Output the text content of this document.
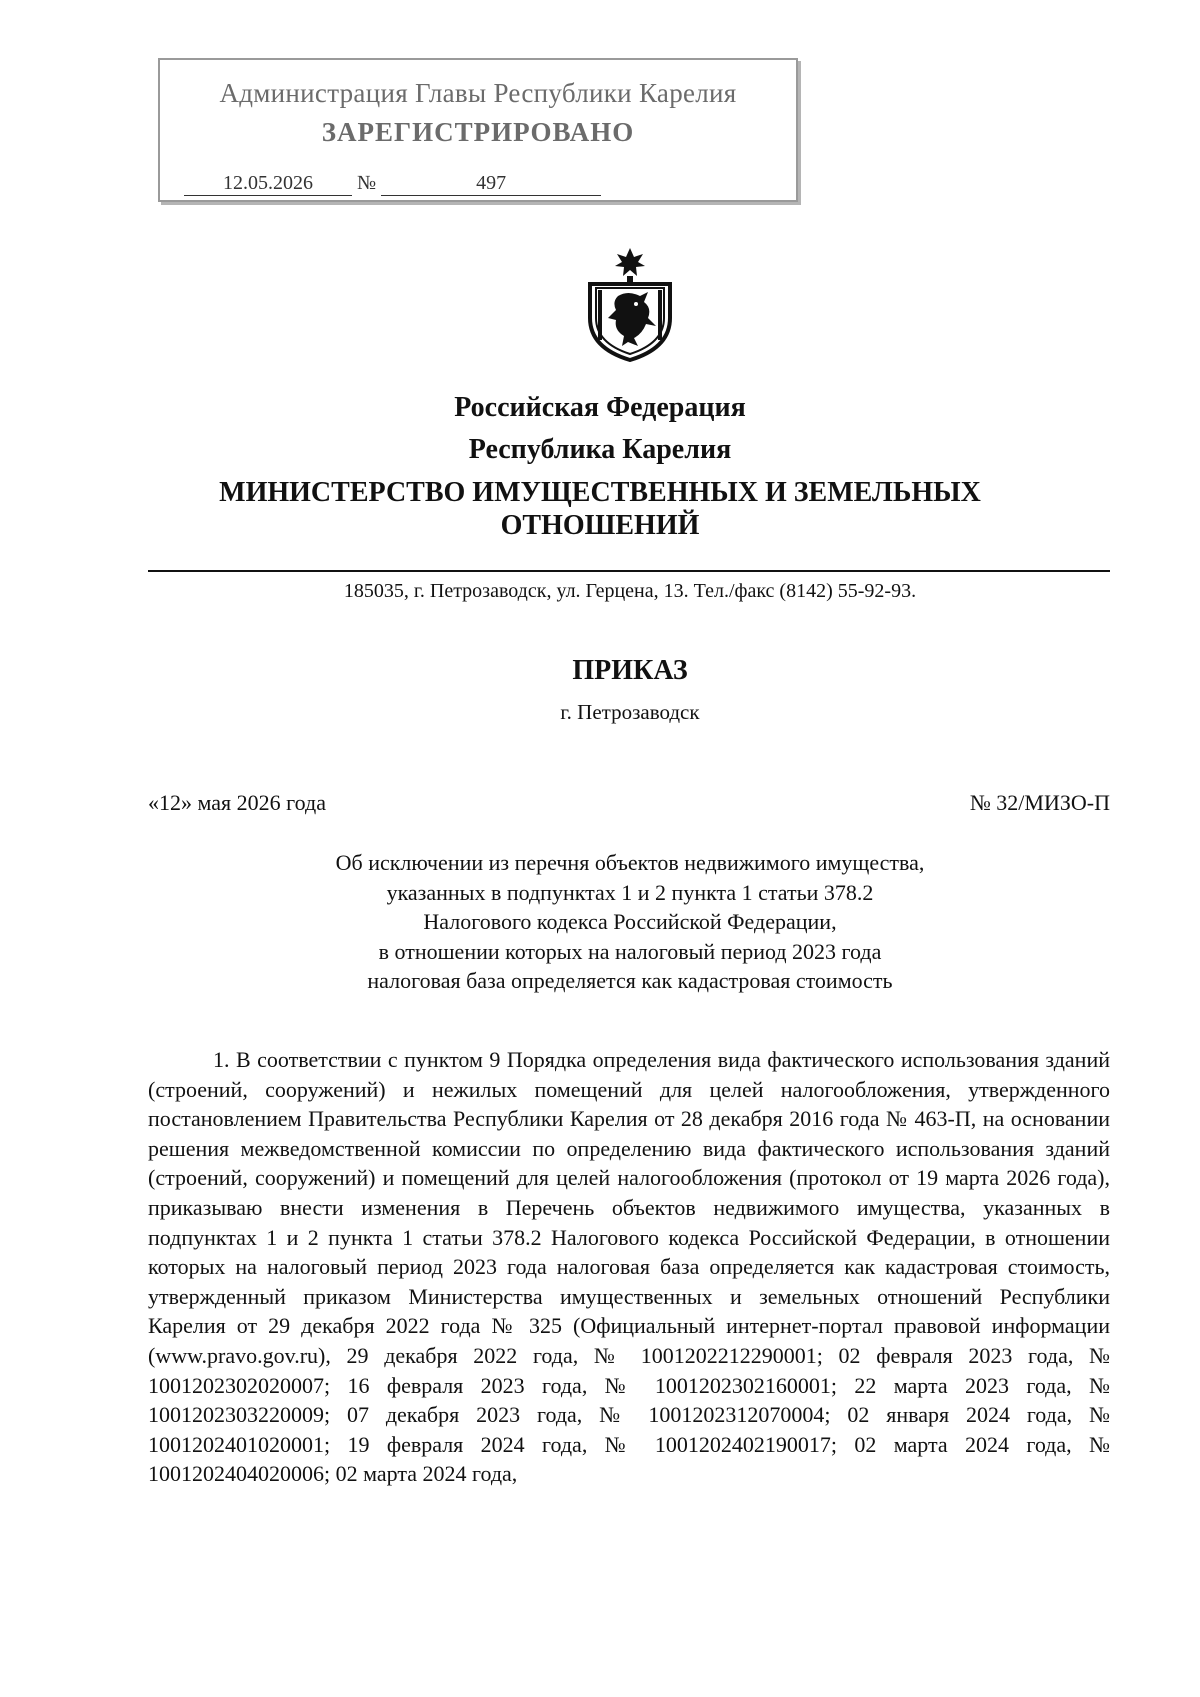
Администрация Главы Республики Карелия
ЗАРЕГИСТРИРОВАНО
12.05.2026 №	497
Российская Федерация
Республика Карелия
МИНИСТЕРСТВО ИМУЩЕСТВЕННЫХ И ЗЕМЕЛЬНЫХ
ОТНОШЕНИЙ
185035, г. Петрозаводск, ул. Герцена, 13. Тел./факс (8142) 55-92-93.
ПРИКАЗ
г. Петрозаводск
«12» мая 2026 года	№ 32/МИЗО-П
Об исключении из перечня объектов недвижимого имущества,
указанных в подпунктах 1 и 2 пункта 1 статьи 378.2
Налогового кодекса Российской Федерации,
в отношении которых на налоговый период 2023 года
налоговая база определяется как кадастровая стоимость

1. В соответствии с пунктом 9 Порядка определения вида фактического использования зданий (строений, сооружений) и нежилых помещений для целей налогообложения, утвержденного постановлением Правительства Республики Карелия от 28 декабря 2016 года № 463-П, на основании решения межведомственной комиссии по определению вида фактического использования зданий (строений, сооружений) и помещений для целей налогообложения (протокол от 19 марта 2026 года), приказываю внести изменения в Перечень объектов недвижимого имущества, указанных в подпунктах 1 и 2 пункта 1 статьи 378.2 Налогового кодекса Российской Федерации, в отношении которых на налоговый период 2023 года налоговая база определяется как кадастровая стоимость, утвержденный приказом Министерства имущественных и земельных отношений Республики Карелия от 29 декабря 2022 года № 325 (Официальный интернет-портал правовой информации (www.pravo.gov.ru), 29 декабря 2022 года, № 1001202212290001; 02 февраля 2023 года, № 1001202302020007; 16 февраля 2023 года, № 1001202302160001; 22 марта 2023 года, № 1001202303220009; 07 декабря 2023 года, № 1001202312070004; 02 января 2024 года, № 1001202401020001; 19 февраля 2024 года, № 1001202402190017; 02 марта 2024 года, № 1001202404020006; 02 марта 2024 года,
